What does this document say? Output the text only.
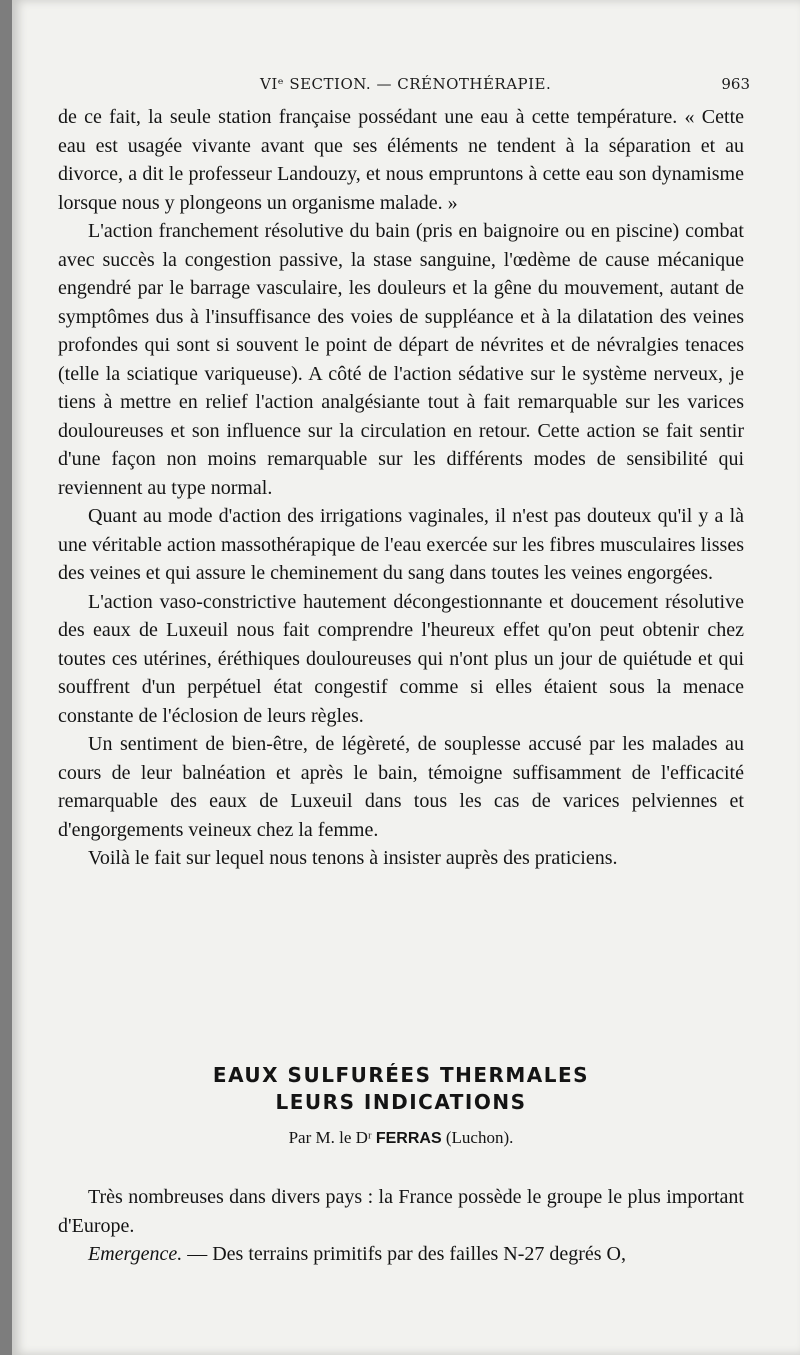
VIᵉ SECTION. — CRÉNOTHÉRAPIE.	963

de ce fait, la seule station française possédant une eau à cette température. « Cette eau est usagée vivante avant que ses éléments ne tendent à la séparation et au divorce, a dit le professeur Landouzy, et nous empruntons à cette eau son dynamisme lorsque nous y plongeons un organisme malade. »

L'action franchement résolutive du bain (pris en baignoire ou en piscine) combat avec succès la congestion passive, la stase sanguine, l'œdème de cause mécanique engendré par le barrage vasculaire, les douleurs et la gêne du mouvement, autant de symptômes dus à l'insuffisance des voies de suppléance et à la dilatation des veines profondes qui sont si souvent le point de départ de névrites et de névralgies tenaces (telle la sciatique variqueuse). A côté de l'action sédative sur le système nerveux, je tiens à mettre en relief l'action analgésiante tout à fait remarquable sur les varices douloureuses et son influence sur la circulation en retour. Cette action se fait sentir d'une façon non moins remarquable sur les différents modes de sensibilité qui reviennent au type normal.

Quant au mode d'action des irrigations vaginales, il n'est pas douteux qu'il y a là une véritable action massothérapique de l'eau exercée sur les fibres musculaires lisses des veines et qui assure le cheminement du sang dans toutes les veines engorgées.

L'action vaso-constrictive hautement décongestionnante et doucement résolutive des eaux de Luxeuil nous fait comprendre l'heureux effet qu'on peut obtenir chez toutes ces utérines, éréthiques douloureuses qui n'ont plus un jour de quiétude et qui souffrent d'un perpétuel état congestif comme si elles étaient sous la menace constante de l'éclosion de leurs règles.

Un sentiment de bien-être, de légèreté, de souplesse accusé par les malades au cours de leur balnéation et après le bain, témoigne suffisamment de l'efficacité remarquable des eaux de Luxeuil dans tous les cas de varices pelviennes et d'engorgements veineux chez la femme.

Voilà le fait sur lequel nous tenons à insister auprès des praticiens.

EAUX SULFURÉES THERMALES
LEURS INDICATIONS
Par M. le Dʳ FERRAS (Luchon).

Très nombreuses dans divers pays : la France possède le groupe le plus important d'Europe.

Emergence. — Des terrains primitifs par des failles N-27 degrés O,
